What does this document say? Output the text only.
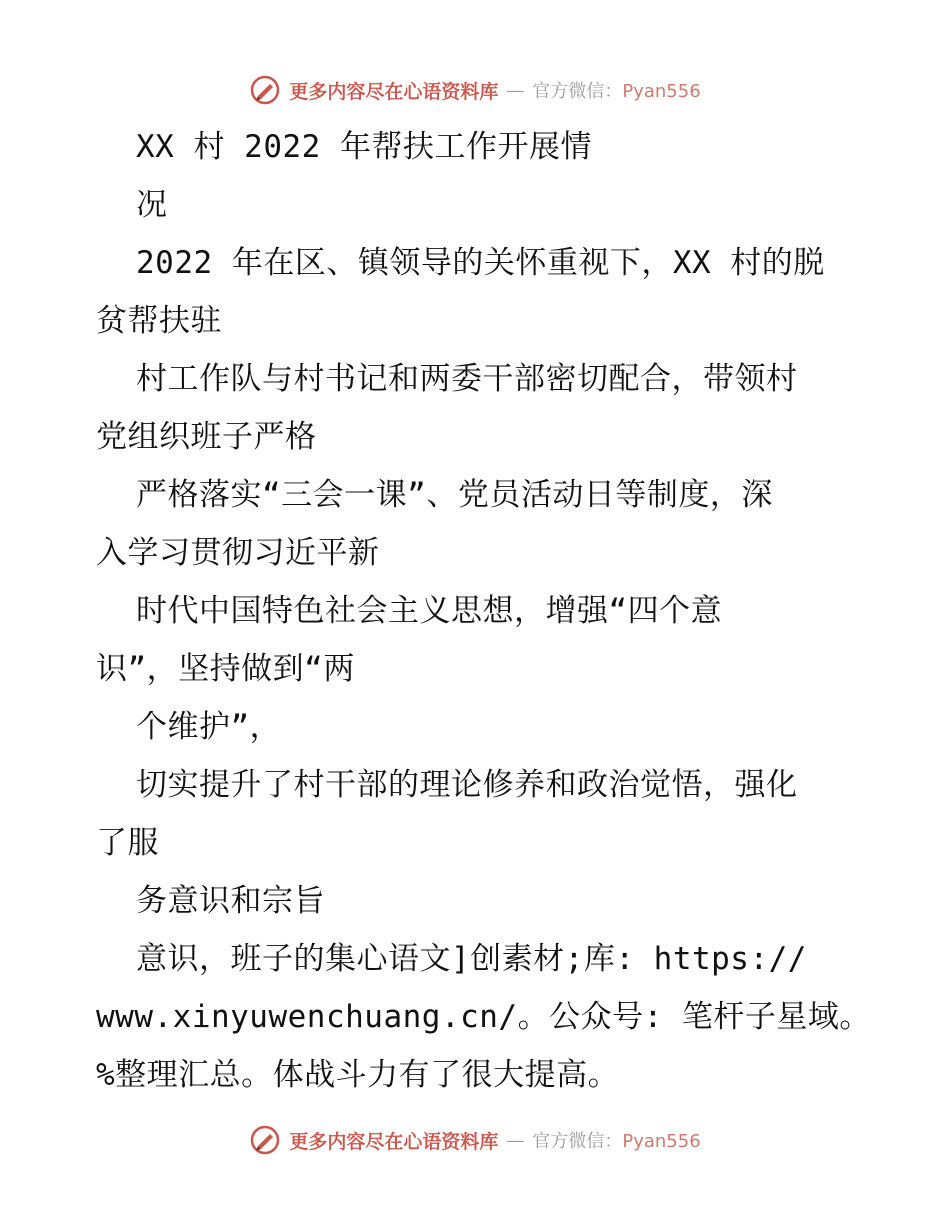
更多内容尽在心语资料库 — 官方微信：Pyan556
XX 村 2022 年帮扶工作开展情
况
2022 年在区、镇领导的关怀重视下，XX 村的脱
贫帮扶驻
村工作队与村书记和两委干部密切配合，带领村
党组织班子严格
严格落实“三会一课”、党员活动日等制度，深
入学习贯彻习近平新
时代中国特色社会主义思想，增强“四个意
识”，坚持做到“两
个维护”，
切实提升了村干部的理论修养和政治觉悟，强化
了服
务意识和宗旨
意识，班子的集心语文]创素材;库: https://
www.xinyuwenchuang.cn/。公众号: 笔杆子星域。
%整理汇总。体战斗力有了很大提高。
更多内容尽在心语资料库 — 官方微信：Pyan556
